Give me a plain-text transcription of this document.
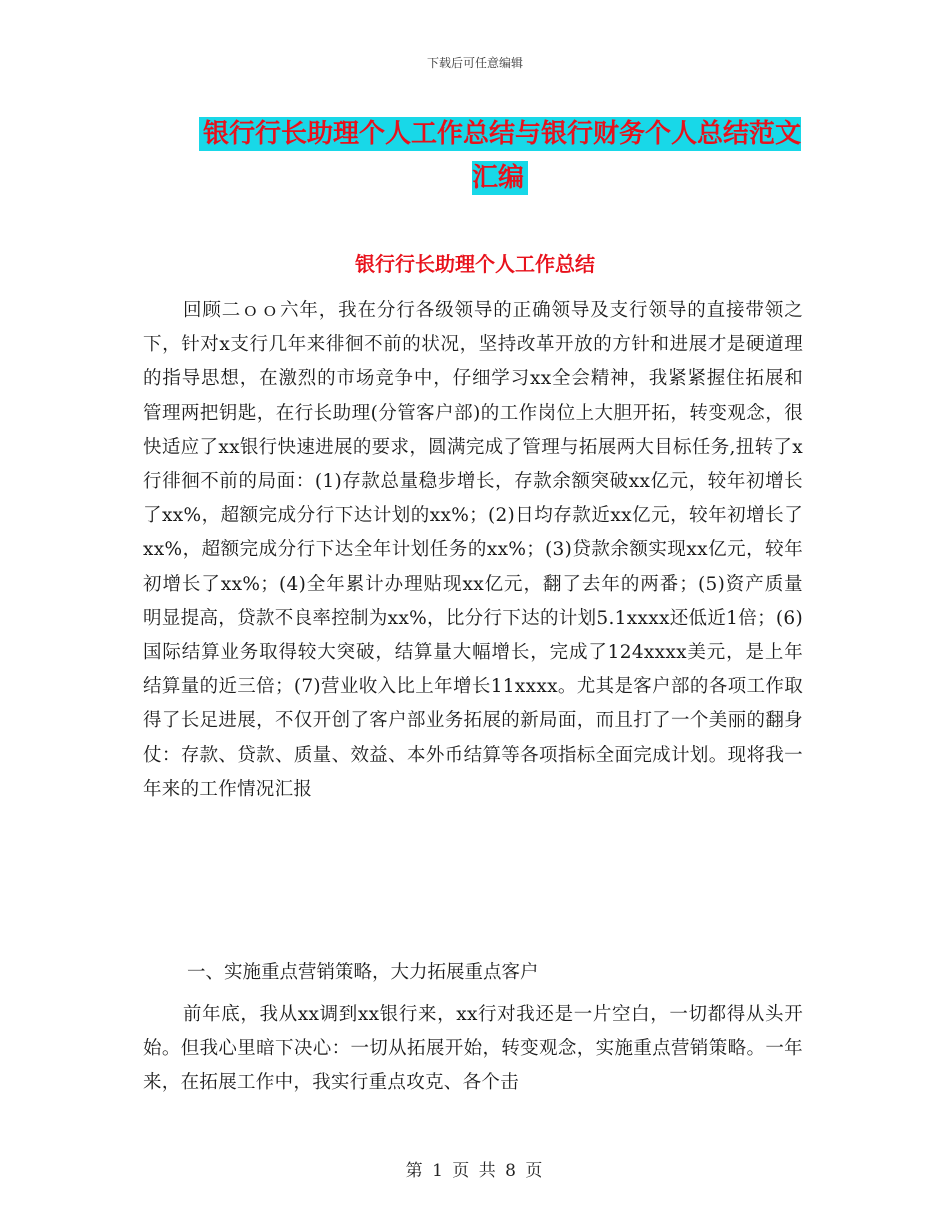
下载后可任意编辑
银行行长助理个人工作总结与银行财务个人总结范文汇编
银行行长助理个人工作总结

回顾二ｏｏ六年，我在分行各级领导的正确领导及支行领导的直接带领之下，针对x支行几年来徘徊不前的状况，坚持改革开放的方针和进展才是硬道理的指导思想，在激烈的市场竞争中，仔细学习xx全会精神，我紧紧握住拓展和管理两把钥匙，在行长助理(分管客户部)的工作岗位上大胆开拓，转变观念，很快适应了xx银行快速进展的要求，圆满完成了管理与拓展两大目标任务,扭转了x行徘徊不前的局面：(1)存款总量稳步增长，存款余额突破xx亿元，较年初增长了xx%，超额完成分行下达计划的xx%；(2)日均存款近xx亿元，较年初增长了xx%，超额完成分行下达全年计划任务的xx%；(3)贷款余额实现xx亿元，较年初增长了xx%；(4)全年累计办理贴现xx亿元，翻了去年的两番；(5)资产质量明显提高，贷款不良率控制为xx%，比分行下达的计划5.1xxxx还低近1倍；(6)国际结算业务取得较大突破，结算量大幅增长，完成了124xxxx美元，是上年结算量的近三倍；(7)营业收入比上年增长11xxxx。尤其是客户部的各项工作取得了长足进展，不仅开创了客户部业务拓展的新局面，而且打了一个美丽的翻身仗：存款、贷款、质量、效益、本外币结算等各项指标全面完成计划。现将我一年来的工作情况汇报

一、实施重点营销策略，大力拓展重点客户

前年底，我从xx调到xx银行来，xx行对我还是一片空白，一切都得从头开始。但我心里暗下决心：一切从拓展开始，转变观念，实施重点营销策略。一年来，在拓展工作中，我实行重点攻克、各个击

第 1 页 共 8 页
